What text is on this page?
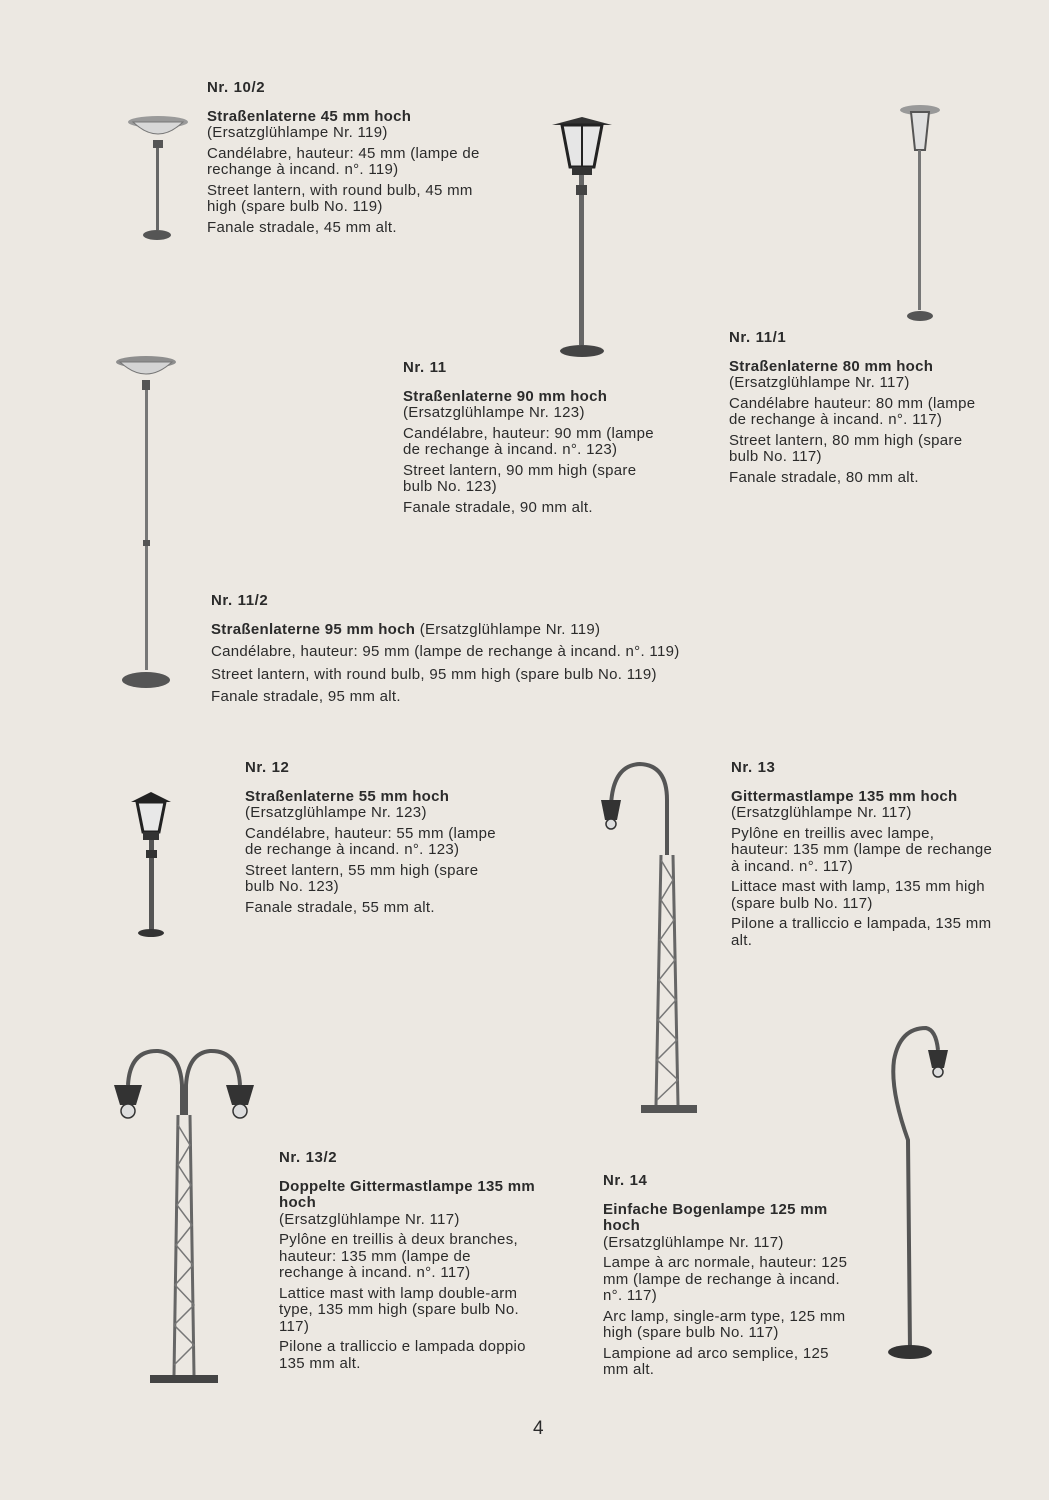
Nr. 10/2
Straßenlaterne 45 mm hoch

(Ersatzglühlampe Nr. 119)

Candélabre, hauteur: 45 mm (lampe de rechange à incand. n°. 119)

Street lantern, with round bulb, 45 mm high (spare bulb No. 119)

Fanale stradale, 45 mm alt.

Nr. 11
Straßenlaterne 90 mm hoch

(Ersatzglühlampe Nr. 123)

Candélabre, hauteur: 90 mm (lampe de rechange à incand. n°. 123)

Street lantern, 90 mm high (spare bulb No. 123)

Fanale stradale, 90 mm alt.

Nr. 11/1
Straßenlaterne 80 mm hoch

(Ersatzglühlampe Nr. 117)

Candélabre hauteur: 80 mm (lampe de rechange à incand. n°. 117)

Street lantern, 80 mm high (spare bulb No. 117)

Fanale stradale, 80 mm alt.

Nr. 11/2

Straßenlaterne 95 mm hoch (Ersatzglühlampe Nr. 119)

Candélabre, hauteur: 95 mm (lampe de rechange à incand. n°. 119)

Street lantern, with round bulb, 95 mm high (spare bulb No. 119)

Fanale stradale, 95 mm alt.

Nr. 12
Straßenlaterne 55 mm hoch

(Ersatzglühlampe Nr. 123)

Candélabre, hauteur: 55 mm (lampe de rechange à incand. n°. 123)

Street lantern, 55 mm high (spare bulb No. 123)

Fanale stradale, 55 mm alt.

Nr. 13
Gittermastlampe 135 mm hoch

(Ersatzglühlampe Nr. 117)

Pylône en treillis avec lampe, hauteur: 135 mm (lampe de rechange à incand. n°. 117)

Littace mast with lamp, 135 mm high (spare bulb No. 117)

Pilone a tralliccio e lampada, 135 mm alt.

Nr. 13/2
Doppelte Gittermastlampe 135 mm hoch

(Ersatzglühlampe Nr. 117)

Pylône en treillis à deux branches, hauteur: 135 mm (lampe de rechange à incand. n°. 117)

Lattice mast with lamp double-arm type, 135 mm high (spare bulb No. 117)

Pilone a tralliccio e lampada doppio 135 mm alt.

Nr. 14
Einfache Bogenlampe 125 mm hoch

(Ersatzglühlampe Nr. 117)

Lampe à arc normale, hauteur: 125 mm (lampe de rechange à incand. n°. 117)

Arc lamp, single-arm type, 125 mm high (spare bulb No. 117)

Lampione ad arco semplice, 125 mm alt.

4
